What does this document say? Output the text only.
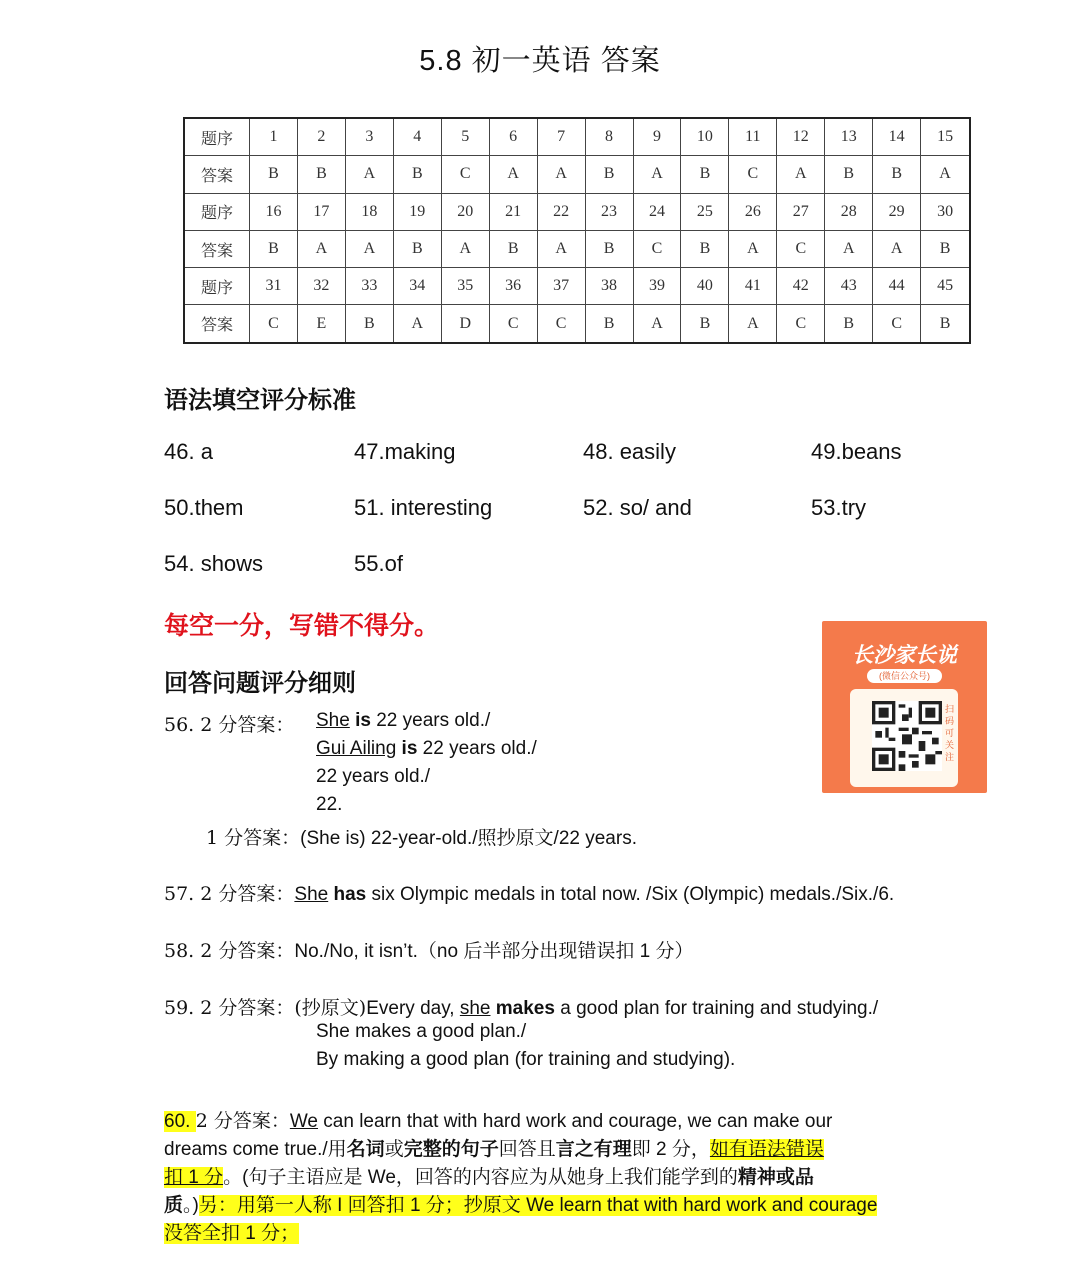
5.8 初一英语 答案
题序	1	2	3	4	5	6	7	8	9	10	11	12	13	14	15
答案	B	B	A	B	C	A	A	B	A	B	C	A	B	B	A
题序	16	17	18	19	20	21	22	23	24	25	26	27	28	29	30
答案	B	A	A	B	A	B	A	B	C	B	A	C	A	A	B
题序	31	32	33	34	35	36	37	38	39	40	41	42	43	44	45
答案	C	E	B	A	D	C	C	B	A	B	A	C	B	C	B
语法填空评分标准
46. a	47.making	48. easily	49.beans
50.them	51. interesting	52. so/ and	53.try
54. shows	55.of
每空一分，写错不得分。
长沙家长说
(微信公众号)
扫码可关注
回答问题评分细则
56. 2 分答案： She is 22 years old./
Gui Ailing is 22 years old./
22 years old./
22.
1 分答案：(She is) 22-year-old./照抄原文/22 years.
57. 2 分答案：She has six Olympic medals in total now. /Six (Olympic) medals./Six./6.
58. 2 分答案：No./No, it isn’t.（no 后半部分出现错误扣 1 分）
59. 2 分答案：(抄原文)Every day, she makes a good plan for training and studying./
She makes a good plan./
By making a good plan (for training and studying).
60. 2 分答案：We can learn that with hard work and courage, we can make our
dreams come true./用名词或完整的句子回答且言之有理即 2 分，如有语法错误
扣 1 分。(句子主语应是 We，回答的内容应为从她身上我们能学到的精神或品
质。)另：用第一人称 I 回答扣 1 分；抄原文 We learn that with hard work and courage
没答全扣 1 分；
